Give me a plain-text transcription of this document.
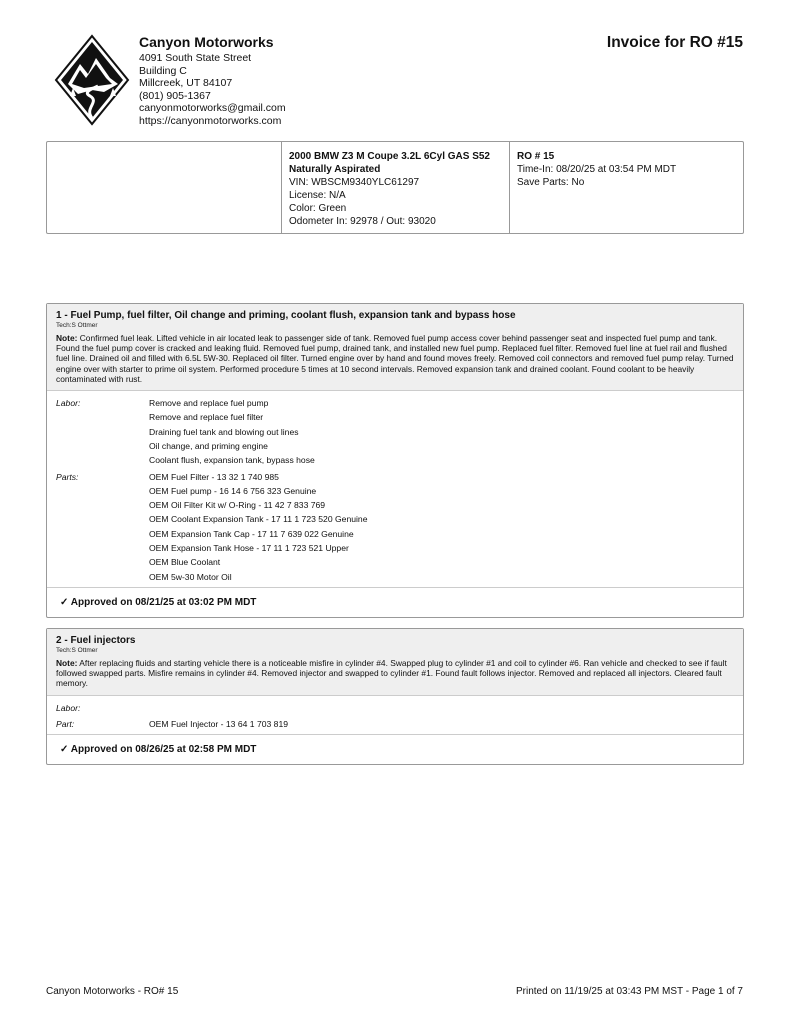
Canyon Motorworks
4091 South State Street
Building C
Millcreek, UT 84107
(801) 905-1367
canyonmotorworks@gmail.com
https://canyonmotorworks.com
Invoice for RO #15
2000 BMW Z3 M Coupe 3.2L 6Cyl GAS S52
Naturally Aspirated
VIN: WBSCM9340YLC61297
License: N/A
Color: Green
Odometer In: 92978 / Out: 93020
RO # 15
Time-In: 08/20/25 at 03:54 PM MDT
Save Parts: No
1 - Fuel Pump, fuel filter, Oil change and priming, coolant flush, expansion tank and bypass hose
Tech:S Ottmer
Note: Confirmed fuel leak. Lifted vehicle in air located leak to passenger side of tank. Removed fuel pump access cover behind passenger seat and inspected fuel pump and tank. Found the fuel pump cover is cracked and leaking fluid. Removed fuel pump, drained tank, and installed new fuel pump. Replaced fuel filter. Removed fuel line at fuel rail and flushed fuel line. Drained oil and filled with 6.5L 5W-30. Replaced oil filter. Turned engine over by hand and found moves freely. Removed coil connectors and removed fuel pump relay. Turned engine over with starter to prime oil system. Performed procedure 5 times at 10 second intervals. Removed expansion tank and drained coolant. Found coolant to be heavily contaminated with rust.
Labor:	Remove and replace fuel pump
Remove and replace fuel filter
Draining fuel tank and blowing out lines
Oil change, and priming engine
Coolant flush, expansion tank, bypass hose
Parts:	OEM Fuel Filter - 13 32 1 740 985
OEM Fuel pump - 16 14 6 756 323 Genuine
OEM Oil Filter Kit w/ O-Ring - 11 42 7 833 769
OEM Coolant Expansion Tank - 17 11 1 723 520 Genuine
OEM Expansion Tank Cap - 17 11 7 639 022 Genuine
OEM Expansion Tank Hose - 17 11 1 723 521 Upper
OEM Blue Coolant
OEM 5w-30 Motor Oil
✓ Approved on 08/21/25 at 03:02 PM MDT
2 - Fuel injectors
Tech:S Ottmer
Note: After replacing fluids and starting vehicle there is a noticeable misfire in cylinder #4. Swapped plug to cylinder #1 and coil to cylinder #6. Ran vehicle and checked to see if fault followed swapped parts. Misfire remains in cylinder #4. Removed injector and swapped to cylinder #1. Found fault follows injector. Removed and replaced all injectors. Cleared fault memory.
Labor:
Part:	OEM Fuel Injector - 13 64 1 703 819
✓ Approved on 08/26/25 at 02:58 PM MDT
Canyon Motorworks - RO# 15	Printed on 11/19/25 at 03:43 PM MST - Page 1 of 7
